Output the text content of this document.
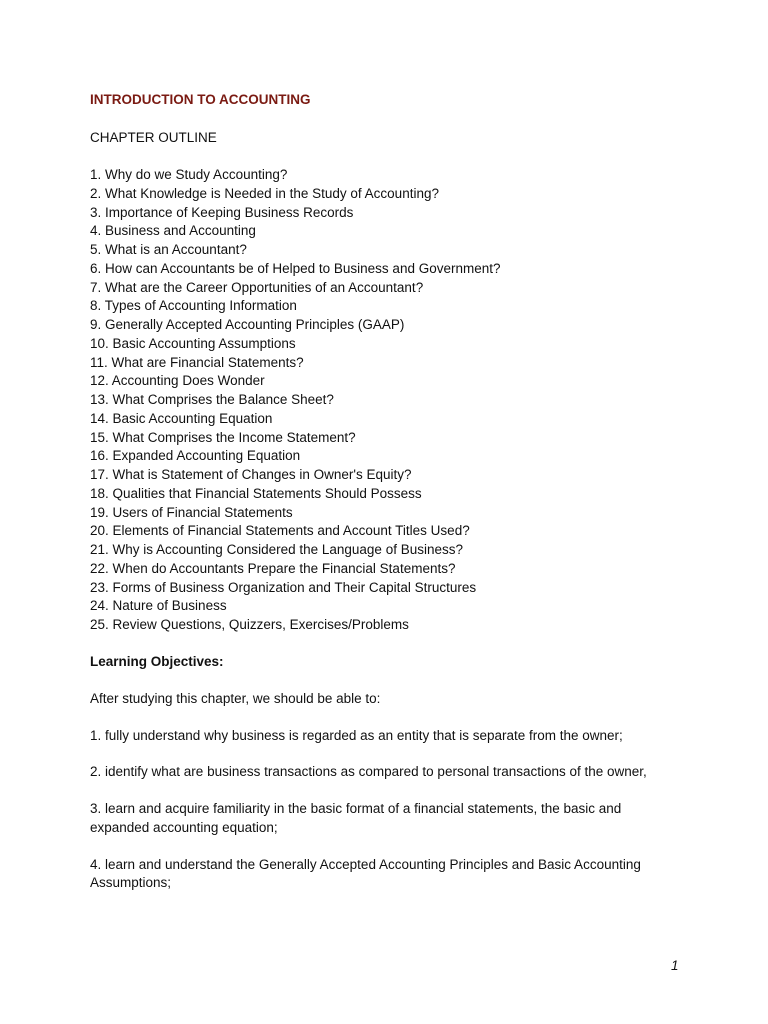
INTRODUCTION TO ACCOUNTING

CHAPTER OUTLINE

1. Why do we Study Accounting?
2. What Knowledge is Needed in the Study of Accounting?
3. Importance of Keeping Business Records
4. Business and Accounting
5. What is an Accountant?
6. How can Accountants be of Helped to Business and Government?
7. What are the Career Opportunities of an Accountant?
8. Types of Accounting Information
9. Generally Accepted Accounting Principles (GAAP)
10. Basic Accounting Assumptions
11. What are Financial Statements?
12. Accounting Does Wonder
13. What Comprises the Balance Sheet?
14. Basic Accounting Equation
15. What Comprises the Income Statement?
16. Expanded Accounting Equation
17. What is Statement of Changes in Owner's Equity?
18. Qualities that Financial Statements Should Possess
19. Users of Financial Statements
20. Elements of Financial Statements and Account Titles Used?
21. Why is Accounting Considered the Language of Business?
22. When do Accountants Prepare the Financial Statements?
23. Forms of Business Organization and Their Capital Structures
24. Nature of Business
25. Review Questions, Quizzers, Exercises/Problems

Learning Objectives:

After studying this chapter, we should be able to:

1. fully understand why business is regarded as an entity that is separate from the owner;
2. identify what are business transactions as compared to personal transactions of the owner,
3. learn and acquire familiarity in the basic format of a financial statements, the basic and expanded accounting equation;
4. learn and understand the Generally Accepted Accounting Principles and Basic Accounting Assumptions;
1
